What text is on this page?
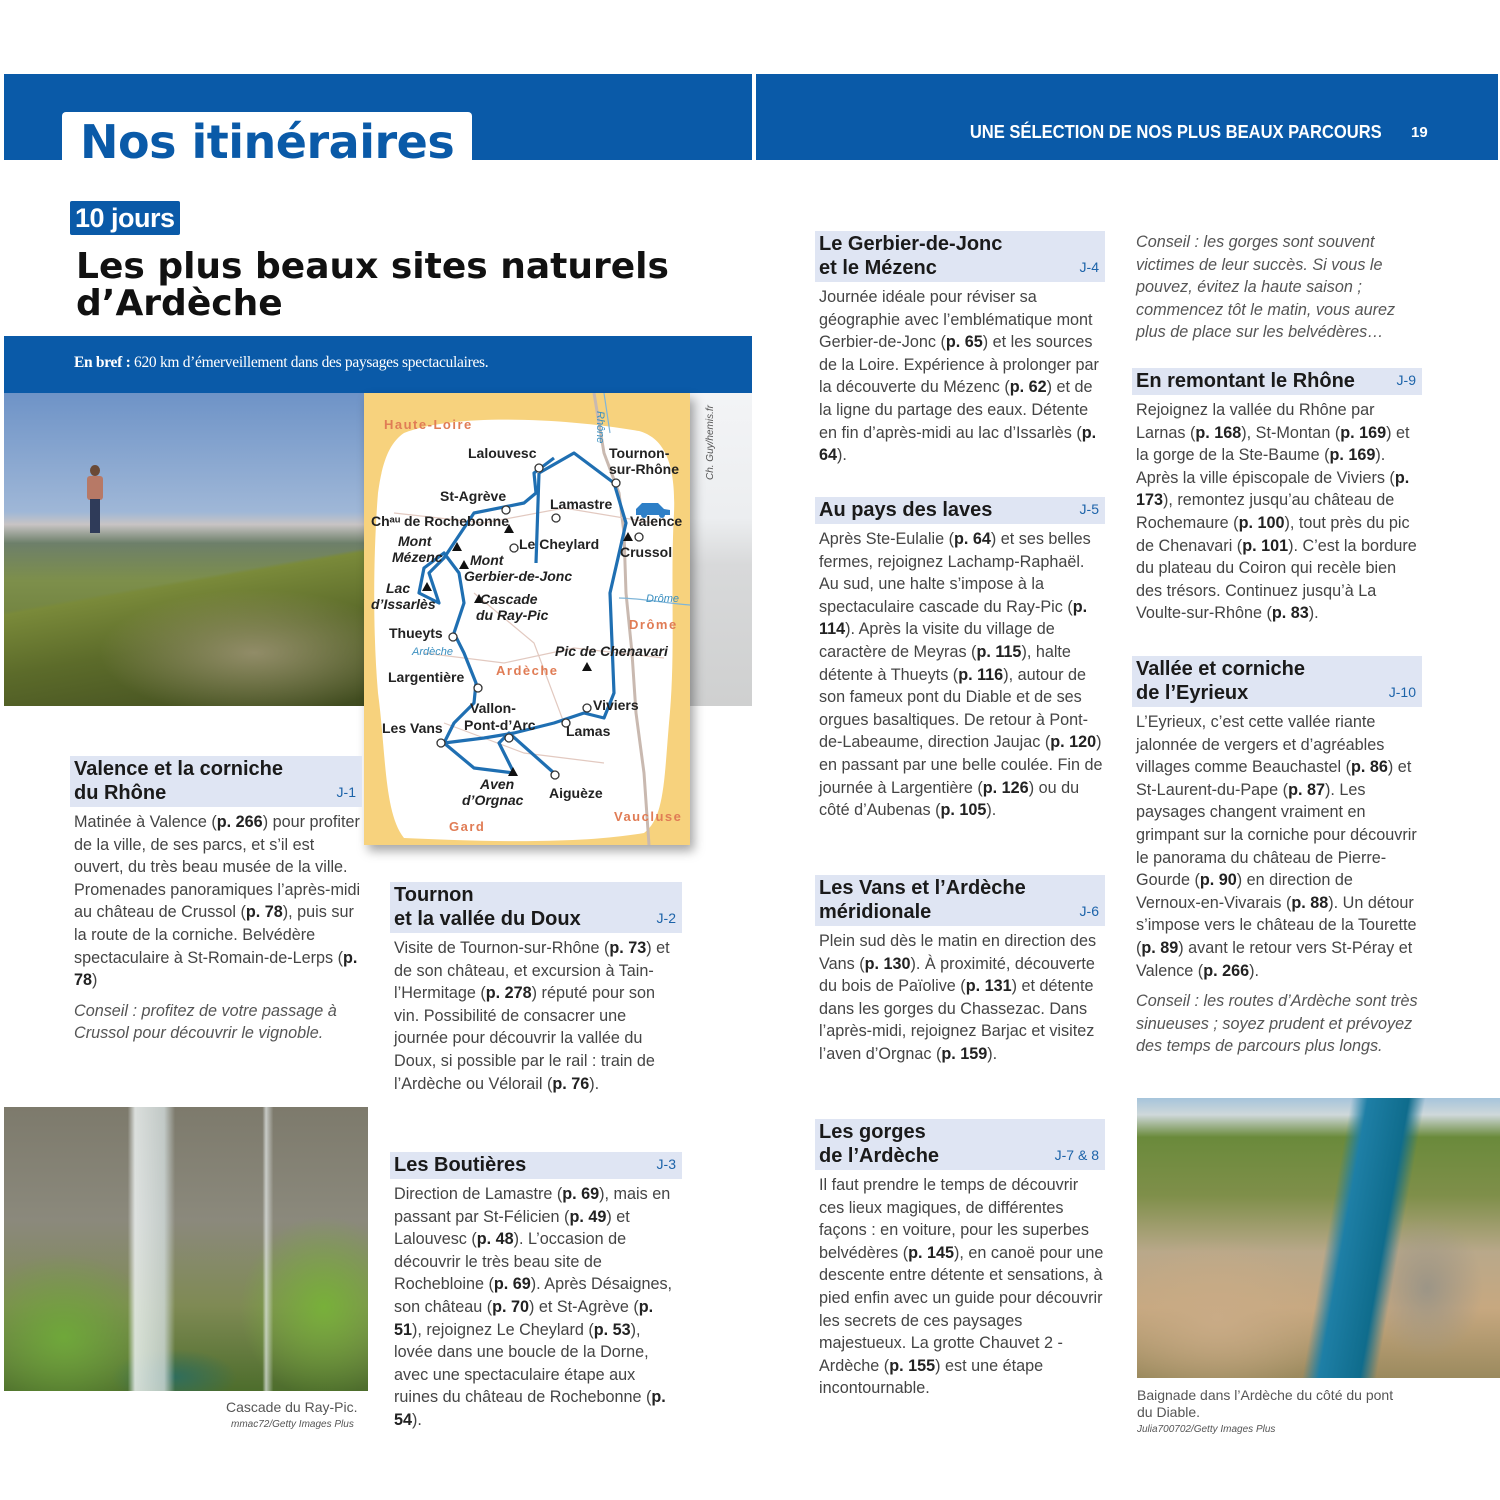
Nos itinéraires	UNE SÉLECTION DE NOS PLUS BEAUX PARCOURS 19
10 jours
Les plus beaux sites naturels
d’Ardèche
En bref : 620 km d’émerveillement dans des paysages spectaculaires.
Ch. Guy/hemis.fr
Haute-Loire
Ardèche
Drôme
Gard
Vaucluse
Rhône
Ardèche
Drôme
Lalouvesc	Tournon-
sur-Rhône
St-Agrève	Lamastre
Chᵃᵘ de Rochebonne	Valence
Mont
Mézenc
Le Cheylard Crussol
Mont
Gerbier-de-Jonc
Lac
d’Issarlès	Cascade
du Ray-Pic
Thueyts
Pic de Chenavari
Largentière
Vallon-
Pont-d’Arc
Viviers
Les Vans	Lamas
Aven
d’Orgnac Aiguèze
Valence et la corniche
du Rhône	J-1
Matinée à Valence (p. 266) pour profiter de la ville, de ses parcs, et s’il est ouvert, du très beau musée de la ville. Promenades panoramiques l’après-midi au château de Crussol (p. 78), puis sur la route de la corniche. Belvédère spectaculaire à St-Romain-de-Lerps (p. 78)
Conseil : profitez de votre passage à Crussol pour découvrir le vignoble.
Tournon
et la vallée du Doux	J-2
Visite de Tournon-sur-Rhône (p. 73) et de son château, et excursion à Tain-l’Hermitage (p. 278) réputé pour son vin. Possibilité de consacrer une journée pour découvrir la vallée du Doux, si possible par le rail : train de l’Ardèche ou Vélorail (p. 76).
Les Boutières	J-3
Direction de Lamastre (p. 69), mais en passant par St-Félicien (p. 49) et Lalouvesc (p. 48). L’occasion de découvrir le très beau site de Rochebloine (p. 69). Après Désaignes, son château (p. 70) et St-Agrève (p. 51), rejoignez Le Cheylard (p. 53), lovée dans une boucle de la Dorne, avec une spectaculaire étape aux ruines du château de Rochebonne (p. 54).
Le Gerbier-de-Jonc
et le Mézenc	J-4
Journée idéale pour réviser sa géographie avec l’emblématique mont Gerbier-de-Jonc (p. 65) et les sources de la Loire. Expérience à prolonger par la découverte du Mézenc (p. 62) et de la ligne du partage des eaux. Détente en fin d’après-midi au lac d’Issarlès (p. 64).
Au pays des laves	J-5
Après Ste-Eulalie (p. 64) et ses belles fermes, rejoignez Lachamp-Raphaël. Au sud, une halte s’impose à la spectaculaire cascade du Ray-Pic (p. 114). Après la visite du village de caractère de Meyras (p. 115), halte détente à Thueyts (p. 116), autour de son fameux pont du Diable et de ses orgues basaltiques. De retour à Pont-de-Labeaume, direction Jaujac (p. 120) en passant par une belle coulée. Fin de journée à Largentière (p. 126) ou du côté d’Aubenas (p. 105).
Les Vans et l’Ardèche
méridionale	J-6
Plein sud dès le matin en direction des Vans (p. 130). À proximité, découverte du bois de Païolive (p. 131) et détente dans les gorges du Chassezac. Dans l’après-midi, rejoignez Barjac et visitez l’aven d’Orgnac (p. 159).
Les gorges
de l’Ardèche	J-7 & 8
Il faut prendre le temps de découvrir ces lieux magiques, de différentes façons : en voiture, pour les superbes belvédères (p. 145), en canoë pour une descente entre détente et sensations, à pied enfin avec un guide pour découvrir les secrets de ces paysages majestueux. La grotte Chauvet 2 - Ardèche (p. 155) est une étape incontournable.
Conseil : les gorges sont souvent victimes de leur succès. Si vous le pouvez, évitez la haute saison ; commencez tôt le matin, vous aurez plus de place sur les belvédères…
En remontant le Rhône	J-9
Rejoignez la vallée du Rhône par Larnas (p. 168), St-Montan (p. 169) et la gorge de la Ste-Baume (p. 169). Après la ville épiscopale de Viviers (p. 173), remontez jusqu’au château de Rochemaure (p. 100), tout près du pic de Chenavari (p. 101). C’est la bordure du plateau du Coiron qui recèle bien des trésors. Continuez jusqu’à La Voulte-sur-Rhône (p. 83).
Vallée et corniche
de l’Eyrieux	J-10
L’Eyrieux, c’est cette vallée riante jalonnée de vergers et d’agréables villages comme Beauchastel (p. 86) et St-Laurent-du-Pape (p. 87). Les paysages changent vraiment en grimpant sur la corniche pour découvrir le panorama du château de Pierre-Gourde (p. 90) en direction de Vernoux-en-Vivarais (p. 88). Un détour s’impose vers le château de la Tourette (p. 89) avant le retour vers St-Péray et Valence (p. 266).
Conseil : les routes d’Ardèche sont très sinueuses ; soyez prudent et prévoyez des temps de parcours plus longs.
Cascade du Ray-Pic.
mmac72/Getty Images Plus
Baignade dans l’Ardèche du côté du pont
du Diable.
Julia700702/Getty Images Plus
